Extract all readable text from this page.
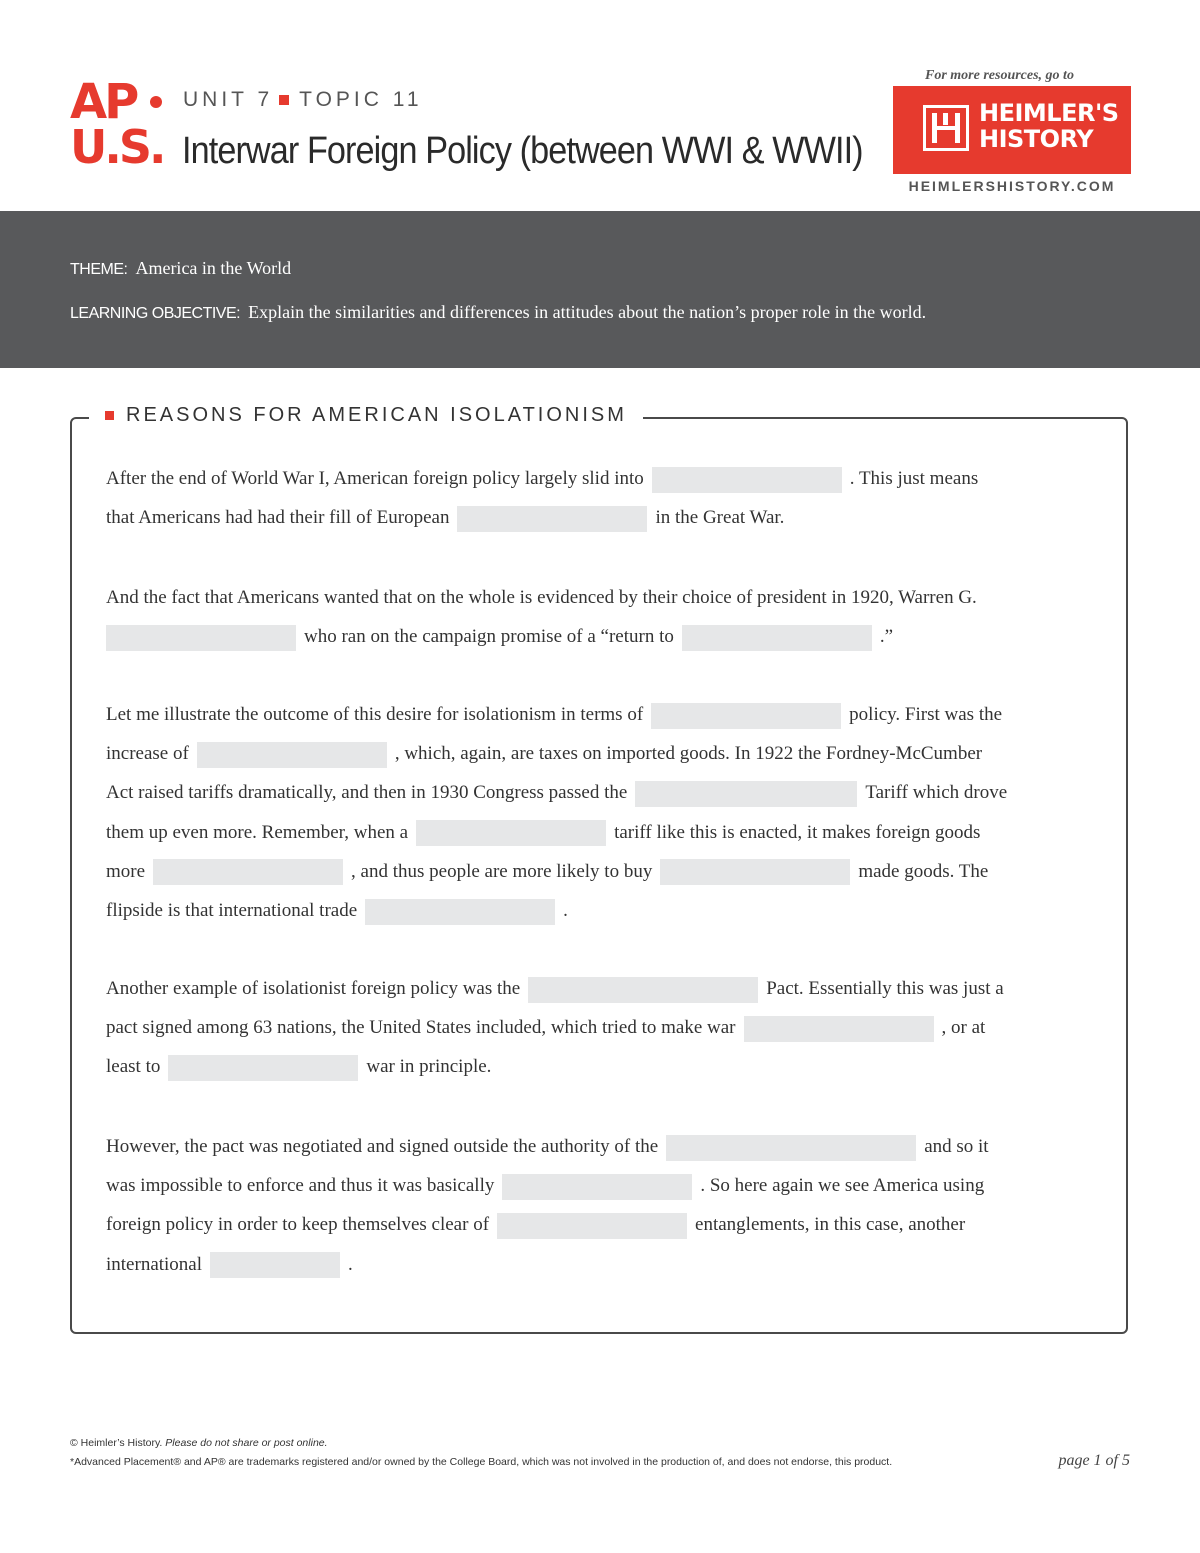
AP
U.S.
UNIT 7 TOPIC 11
Interwar Foreign Policy (between WWI & WWII)
For more resources, go to
HEIMLER'S
HISTORY
HEIMLERSHISTORY.COM
THEME: America in the World
LEARNING OBJECTIVE: Explain the similarities and differences in attitudes about the nation’s proper role in the world.
REASONS FOR AMERICAN ISOLATIONISM
After the end of World War I, American foreign policy largely slid into	. This just means
that Americans had had their fill of European	in the Great War.
And the fact that Americans wanted that on the whole is evidenced by their choice of president in 1920, Warren G.
who ran on the campaign promise of a “return to	.”
Let me illustrate the outcome of this desire for isolationism in terms of	policy. First was the
increase of	, which, again, are taxes on imported goods. In 1922 the Fordney-McCumber
Act raised tariffs dramatically, and then in 1930 Congress passed the	Tariff which drove
them up even more. Remember, when a	tariff like this is enacted, it makes foreign goods
more	, and thus people are more likely to buy	made goods. The
flipside is that international trade	.
Another example of isolationist foreign policy was the	Pact. Essentially this was just a
pact signed among 63 nations, the United States included, which tried to make war	, or at
least to	war in principle.
However, the pact was negotiated and signed outside the authority of the	and so it
was impossible to enforce and thus it was basically	. So here again we see America using
foreign policy in order to keep themselves clear of	entanglements, in this case, another
international	.
© Heimler’s History. Please do not share or post online.
*Advanced Placement® and AP® are trademarks registered and/or owned by the College Board, which was not involved in the production of, and does not endorse, this product.	page 1 of 5
